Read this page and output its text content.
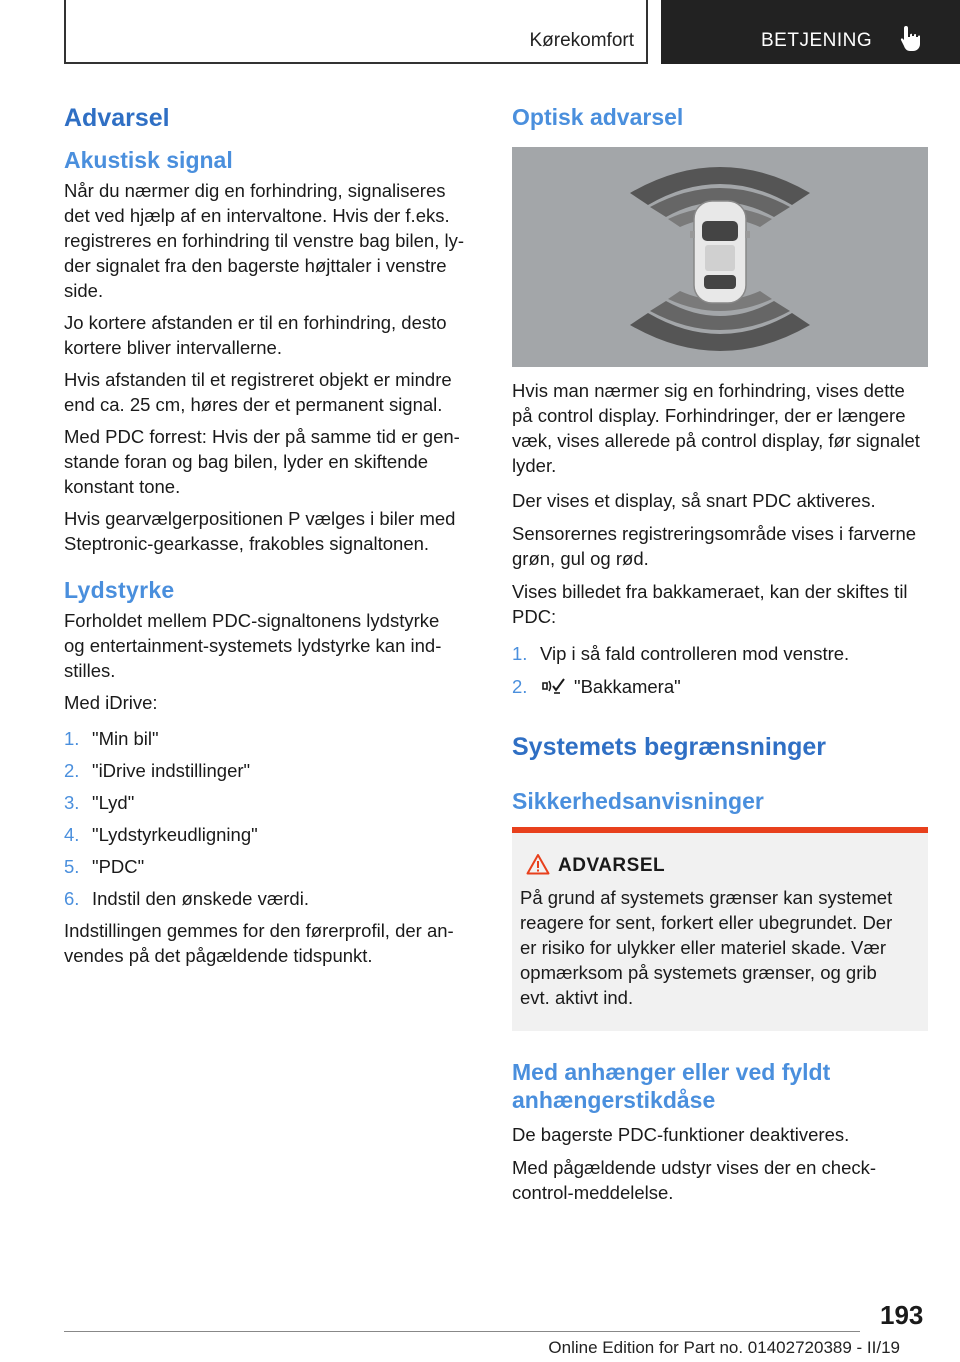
Kørekomfort	BETJENING
Advarsel
Akustisk signal
Når du nærmer dig en forhindring, signaliseres
det ved hjælp af en intervaltone. Hvis der f.eks.
registreres en forhindring til venstre bag bilen, ly-
der signalet fra den bagerste højttaler i venstre
side.
Jo kortere afstanden er til en forhindring, desto
kortere bliver intervallerne.
Hvis afstanden til et registreret objekt er mindre
end ca. 25 cm, høres der et permanent signal.
Med PDC forrest: Hvis der på samme tid er gen-
stande foran og bag bilen, lyder en skiftende
konstant tone.
Hvis gearvælgerpositionen P vælges i biler med
Steptronic-gearkasse, frakobles signaltonen.
Lydstyrke
Forholdet mellem PDC-signaltonens lydstyrke
og entertainment-systemets lydstyrke kan ind-
stilles.
Med iDrive:
1. "Min bil"
2. "iDrive indstillinger"
3. "Lyd"
4. "Lydstyrkeudligning"
5. "PDC"
6. Indstil den ønskede værdi.
Indstillingen gemmes for den førerprofil, der an-
vendes på det pågældende tidspunkt.
Optisk advarsel
Hvis man nærmer sig en forhindring, vises dette
på control display. Forhindringer, der er længere
væk, vises allerede på control display, før signalet
lyder.
Der vises et display, så snart PDC aktiveres.
Sensorernes registreringsområde vises i farverne
grøn, gul og rød.
Vises billedet fra bakkameraet, kan der skiftes til
PDC:
1. Vip i så fald controlleren mod venstre.
2.	"Bakkamera"
Systemets begrænsninger
Sikkerhedsanvisninger
ADVARSEL
På grund af systemets grænser kan systemet
reagere for sent, forkert eller ubegrundet. Der
er risiko for ulykker eller materiel skade. Vær
opmærksom på systemets grænser, og grib
evt. aktivt ind.
Med anhænger eller ved fyldt
anhængerstikdåse
De bagerste PDC-funktioner deaktiveres.
Med pågældende udstyr vises der en check-
control-meddelelse.
193
Online Edition for Part no. 01402720389 - II/19
